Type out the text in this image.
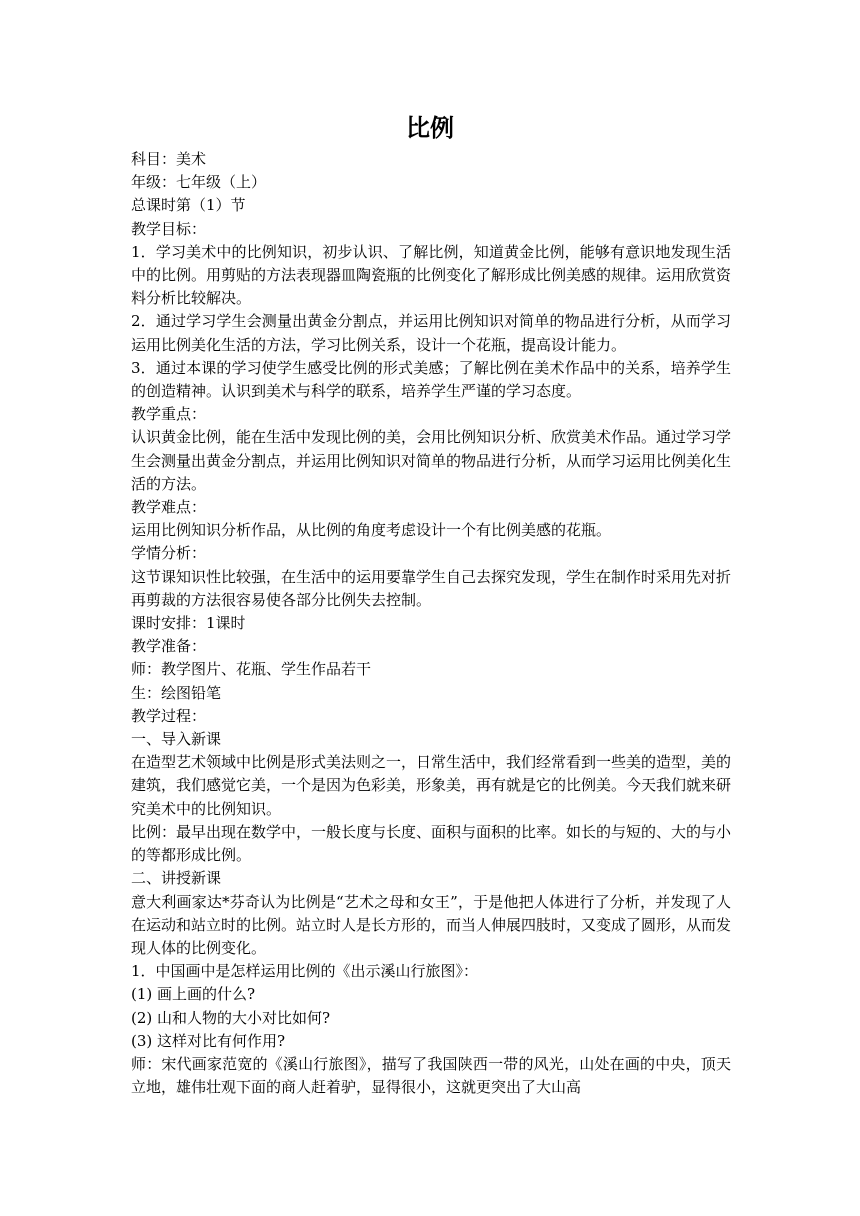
比例

科目：美术

年级：七年级（上）

总课时第（1）节

教学目标：

1．学习美术中的比例知识，初步认识、了解比例，知道黄金比例，能够有意识地发现生活中的比例。用剪贴的方法表现器皿陶瓷瓶的比例变化了解形成比例美感的规律。运用欣赏资料分析比较解决。

2．通过学习学生会测量出黄金分割点，并运用比例知识对简单的物品进行分析，从而学习运用比例美化生活的方法，学习比例关系，设计一个花瓶，提高设计能力。

3．通过本课的学习使学生感受比例的形式美感；了解比例在美术作品中的关系，培养学生的创造精神。认识到美术与科学的联系，培养学生严谨的学习态度。

教学重点：

认识黄金比例，能在生活中发现比例的美，会用比例知识分析、欣赏美术作品。通过学习学生会测量出黄金分割点，并运用比例知识对简单的物品进行分析，从而学习运用比例美化生活的方法。

教学难点：

运用比例知识分析作品，从比例的角度考虑设计一个有比例美感的花瓶。

学情分析：

这节课知识性比较强，在生活中的运用要靠学生自己去探究发现，学生在制作时采用先对折再剪裁的方法很容易使各部分比例失去控制。

课时安排：1课时

教学准备：

师：教学图片、花瓶、学生作品若干

生：绘图铅笔

教学过程：

一、导入新课

在造型艺术领域中比例是形式美法则之一，日常生活中，我们经常看到一些美的造型，美的建筑，我们感觉它美，一个是因为色彩美，形象美，再有就是它的比例美。今天我们就来研究美术中的比例知识。

比例：最早出现在数学中，一般长度与长度、面积与面积的比率。如长的与短的、大的与小的等都形成比例。

二、讲授新课

意大利画家达*芬奇认为比例是“艺术之母和女王”，于是他把人体进行了分析，并发现了人在运动和站立时的比例。站立时人是长方形的，而当人伸展四肢时，又变成了圆形，从而发现人体的比例变化。

1．中国画中是怎样运用比例的《出示溪山行旅图》：

(1) 画上画的什么?

(2) 山和人物的大小对比如何?

(3) 这样对比有何作用?

师：宋代画家范宽的《溪山行旅图》，描写了我国陕西一带的风光，山处在画的中央，顶天立地，雄伟壮观下面的商人赶着驴，显得很小，这就更突出了大山高
